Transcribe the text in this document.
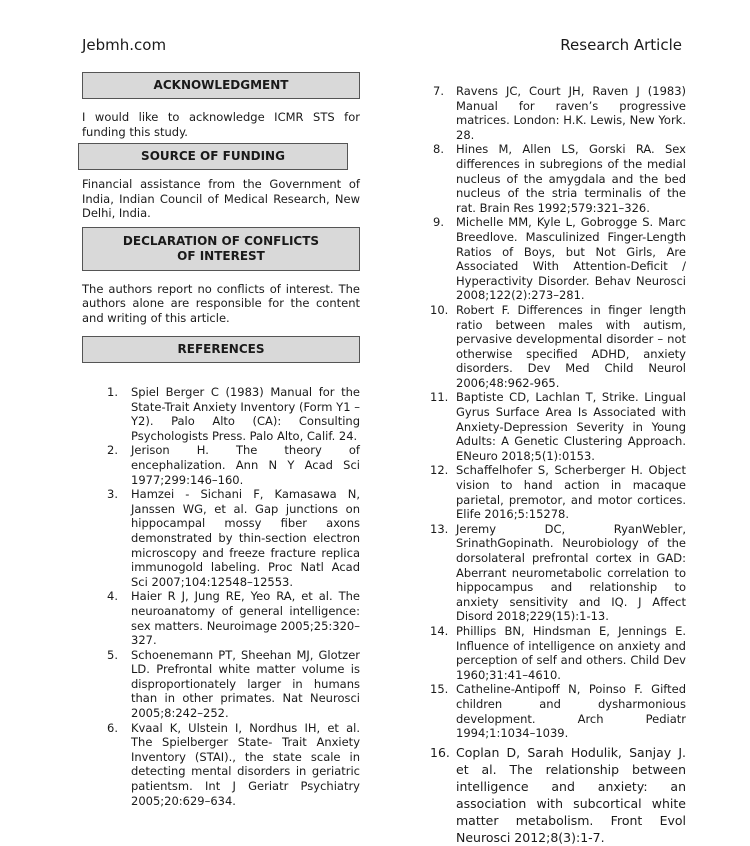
Jebmh.com	Research Article
ACKNOWLEDGMENT

I would like to acknowledge ICMR STS for funding this study.

SOURCE OF FUNDING

Financial assistance from the Government of India, Indian Council of Medical Research, New Delhi, India.

DECLARATION OF CONFLICTS OF INTEREST

The authors report no conflicts of interest. The authors alone are responsible for the content and writing of this article.

REFERENCES
1.	Spiel Berger C (1983) Manual for the State-Trait Anxiety Inventory (Form Y1 – Y2). Palo Alto (CA): Consulting Psychologists Press. Palo Alto, Calif. 24.
2.	Jerison H. The theory of encephalization. Ann N Y Acad Sci 1977;299:146–160.
3.	Hamzei - Sichani F, Kamasawa N, Janssen WG, et al. Gap junctions on hippocampal mossy fiber axons demonstrated by thin-section electron microscopy and freeze fracture replica immunogold labeling. Proc Natl Acad Sci 2007;104:12548–12553.
4.	Haier R J, Jung RE, Yeo RA, et al. The neuroanatomy of general intelligence: sex matters. Neuroimage 2005;25:320–327.
5.	Schoenemann PT, Sheehan MJ, Glotzer LD. Prefrontal white matter volume is disproportionately larger in humans than in other primates. Nat Neurosci 2005;8:242–252.
6.	Kvaal K, Ulstein I, Nordhus IH, et al. The Spielberger State- Trait Anxiety Inventory (STAI)., the state scale in detecting mental disorders in geriatric patientsm. Int J Geriatr Psychiatry 2005;20:629–634.
7.	Ravens JC, Court JH, Raven J (1983) Manual for raven’s progressive matrices. London: H.K. Lewis, New York. 28.
8.	Hines M, Allen LS, Gorski RA. Sex differences in subregions of the medial nucleus of the amygdala and the bed nucleus of the stria terminalis of the rat. Brain Res 1992;579:321–326.
9.	Michelle MM, Kyle L, Gobrogge S. Marc Breedlove. Masculinized Finger-Length Ratios of Boys, but Not Girls, Are Associated With Attention-Deficit / Hyperactivity Disorder. Behav Neurosci 2008;122(2):273–281.
10. Robert F. Differences in finger length ratio between males with autism, pervasive developmental disorder – not otherwise specified ADHD, anxiety disorders. Dev Med Child Neurol 2006;48:962-965.
11. Baptiste CD, Lachlan T, Strike. Lingual Gyrus Surface Area Is Associated with Anxiety-Depression Severity in Young Adults: A Genetic Clustering Approach. ENeuro 2018;5(1):0153.
12. Schaffelhofer S, Scherberger H. Object vision to hand action in macaque parietal, premotor, and motor cortices. Elife 2016;5:15278.
13. Jeremy DC, RyanWebler, SrinathGopinath. Neurobiology of the dorsolateral prefrontal cortex in GAD: Aberrant neurometabolic correlation to hippocampus and relationship to anxiety sensitivity and IQ. J Affect Disord 2018;229(15):1-13.
14. Phillips BN, Hindsman E, Jennings E. Influence of intelligence on anxiety and perception of self and others. Child Dev 1960;31:41–4610.
15. Catheline-Antipoff N, Poinso F. Gifted children and dysharmonious development. Arch Pediatr 1994;1:1034–1039.
16. Coplan D, Sarah Hodulik, Sanjay J. et al. The relationship between intelligence and anxiety: an association with subcortical white matter metabolism. Front Evol Neurosci 2012;8(3):1-7.
